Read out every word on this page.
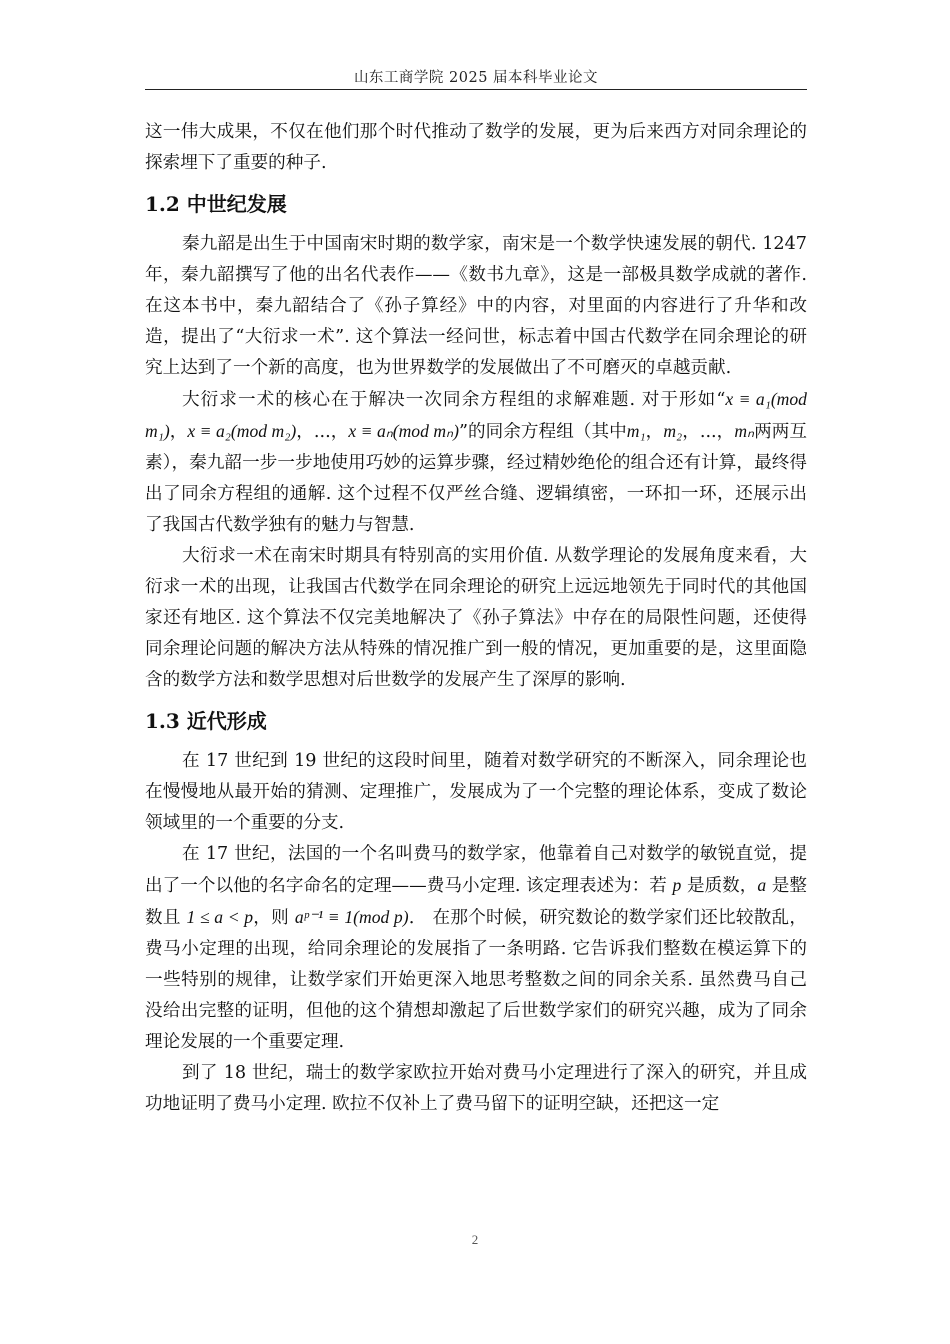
山东工商学院 2025 届本科毕业论文

这一伟大成果，不仅在他们那个时代推动了数学的发展，更为后来西方对同余理论的探索埋下了重要的种子.

1.2 中世纪发展

秦九韶是出生于中国南宋时期的数学家，南宋是一个数学快速发展的朝代. 1247 年，秦九韶撰写了他的出名代表作——《数书九章》，这是一部极具数学成就的著作. 在这本书中，秦九韶结合了《孙子算经》中的内容，对里面的内容进行了升华和改造，提出了“大衍求一术”. 这个算法一经问世，标志着中国古代数学在同余理论的研究上达到了一个新的高度，也为世界数学的发展做出了不可磨灭的卓越贡献.

大衍求一术的核心在于解决一次同余方程组的求解难题. 对于形如“x ≡ a₁(mod m₁)，x ≡ a₂(mod m₂)，...，x ≡ aₙ(mod mₙ)”的同余方程组（其中m₁，m₂，...，mₙ两两互素），秦九韶一步一步地使用巧妙的运算步骤，经过精妙绝伦的组合还有计算，最终得出了同余方程组的通解. 这个过程不仅严丝合缝、逻辑缜密，一环扣一环，还展示出了我国古代数学独有的魅力与智慧.

大衍求一术在南宋时期具有特别高的实用价值. 从数学理论的发展角度来看，大衍求一术的出现，让我国古代数学在同余理论的研究上远远地领先于同时代的其他国家还有地区. 这个算法不仅完美地解决了《孙子算法》中存在的局限性问题，还使得同余理论问题的解决方法从特殊的情况推广到一般的情况，更加重要的是，这里面隐含的数学方法和数学思想对后世数学的发展产生了深厚的影响.

1.3 近代形成

在 17 世纪到 19 世纪的这段时间里，随着对数学研究的不断深入，同余理论也在慢慢地从最开始的猜测、定理推广，发展成为了一个完整的理论体系，变成了数论领域里的一个重要的分支.

在 17 世纪，法国的一个名叫费马的数学家，他靠着自己对数学的敏锐直觉，提出了一个以他的名字命名的定理——费马小定理. 该定理表述为：若 p 是质数，a 是整数且 1 ≤ a < p，则 aᵖ⁻¹ ≡ 1(mod p)． 在那个时候，研究数论的数学家们还比较散乱，费马小定理的出现，给同余理论的发展指了一条明路. 它告诉我们整数在模运算下的一些特别的规律，让数学家们开始更深入地思考整数之间的同余关系. 虽然费马自己没给出完整的证明，但他的这个猜想却激起了后世数学家们的研究兴趣，成为了同余理论发展的一个重要定理.

到了 18 世纪，瑞士的数学家欧拉开始对费马小定理进行了深入的研究，并且成功地证明了费马小定理. 欧拉不仅补上了费马留下的证明空缺，还把这一定

2
